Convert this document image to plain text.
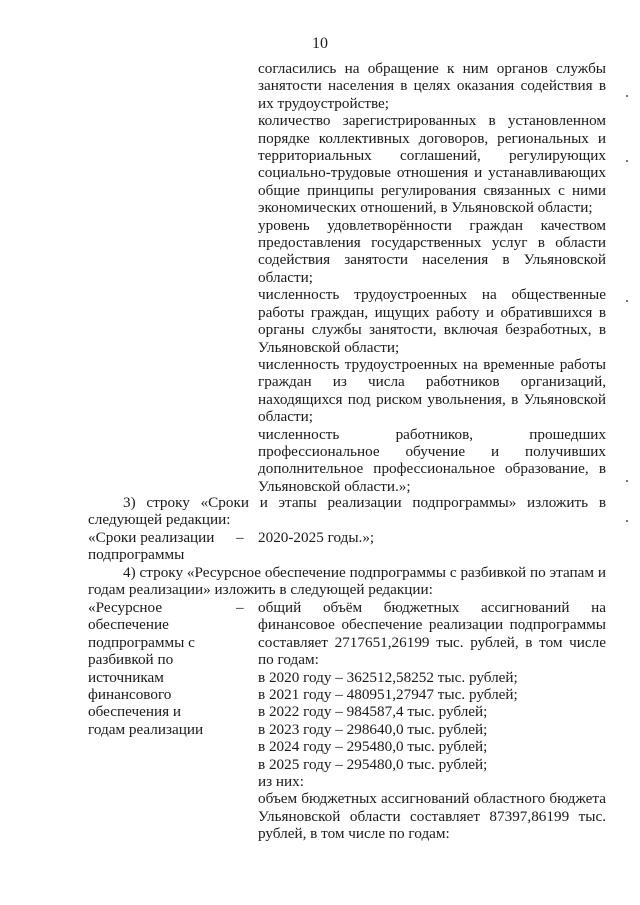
10

согласились на обращение к ним органов службы занятости населения в целях оказания содействия в их трудоустройстве;

количество зарегистрированных в установленном порядке коллективных договоров, региональных и территориальных соглашений, регулирующих социально-трудовые отношения и устанавливающих общие принципы регулирования связанных с ними экономических отношений, в Ульяновской области;

уровень удовлетворённости граждан качеством предоставления государственных услуг в области содействия занятости населения в Ульяновской области;

численность трудоустроенных на общественные работы граждан, ищущих работу и обратившихся в органы службы занятости, включая безработных, в Ульяновской области;

численность трудоустроенных на временные работы граждан из числа работников организаций, находящихся под риском увольнения, в Ульяновской области;

численность работников, прошедших профессиональное обучение и получивших дополнительное профессиональное образование, в Ульяновской области.»;

3) строку «Сроки и этапы реализации подпрограммы» изложить в следующей редакции:

«Сроки реализации подпрограммы
– 2020-2025 годы.»;

4) строку «Ресурсное обеспечение подпрограммы с разбивкой по этапам и годам реализации» изложить в следующей редакции:

«Ресурсное обеспечение подпрограммы с разбивкой по источникам финансового обеспечения и годам реализации
– общий объём бюджетных ассигнований на финансовое обеспечение реализации подпрограммы составляет 2717651,26199 тыс. рублей, в том числе по годам:

в 2020 году – 362512,58252 тыс. рублей;
в 2021 году – 480951,27947 тыс. рублей;
в 2022 году – 984587,4 тыс. рублей;
в 2023 году – 298640,0 тыс. рублей;
в 2024 году – 295480,0 тыс. рублей;
в 2025 году – 295480,0 тыс. рублей;
из них:

объем бюджетных ассигнований областного бюджета Ульяновской области составляет 87397,86199 тыс. рублей, в том числе по годам:
